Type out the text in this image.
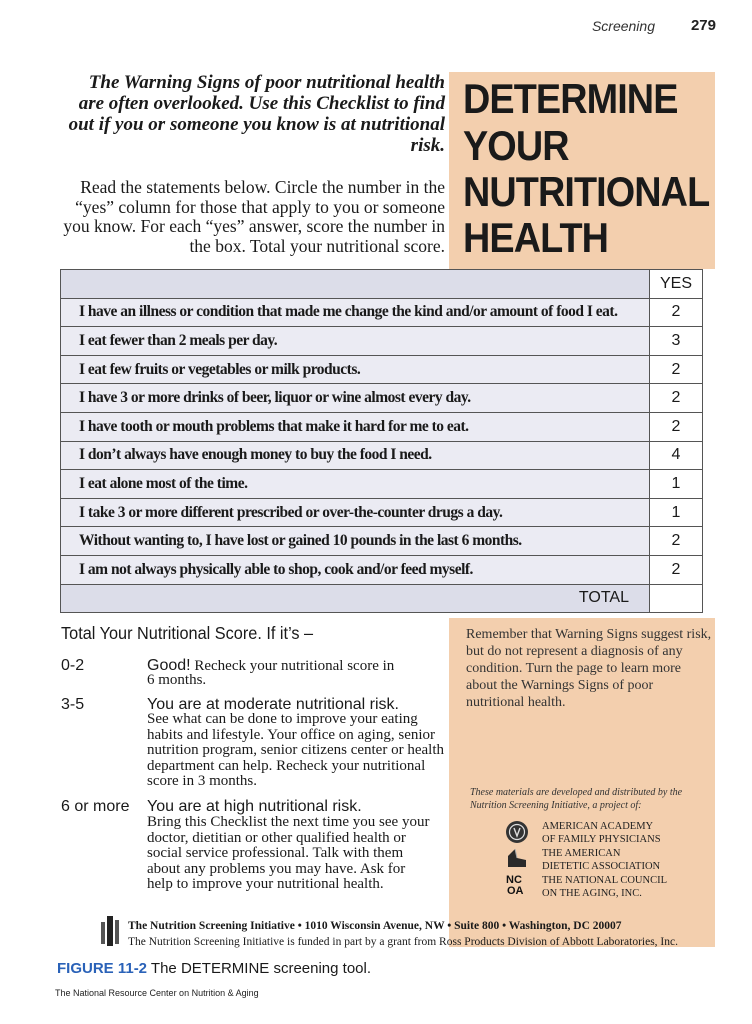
Screening	279
DETERMINE
YOUR
NUTRITIONAL
HEALTH
The Warning Signs of poor nutritional health are often overlooked. Use this Checklist to find out if you or someone you know is at nutritional risk.
Read the statements below. Circle the number in the “yes” column for those that apply to you or someone you know. For each “yes” answer, score the number in the box. Total your nutritional score.
	YES
I have an illness or condition that made me change the kind and/or amount of food I eat.	2
I eat fewer than 2 meals per day.	3
I eat few fruits or vegetables or milk products.	2
I have 3 or more drinks of beer, liquor or wine almost every day.	2
I have tooth or mouth problems that make it hard for me to eat.	2
I don’t always have enough money to buy the food I need.	4
I eat alone most of the time.	1
I take 3 or more different prescribed or over-the-counter drugs a day.	1
Without wanting to, I have lost or gained 10 pounds in the last 6 months.	2
I am not always physically able to shop, cook and/or feed myself.	2
TOTAL	
Total Your Nutritional Score. If it’s –
0-2	Good! Recheck your nutritional score in
6 months.
3-5	You are at moderate nutritional risk.
See what can be done to improve your eating habits and lifestyle. Your office on aging, senior nutrition program, senior citizens center or health department can help. Recheck your nutritional score in 3 months.
6 or more You are at high nutritional risk.
Bring this Checklist the next time you see your doctor, dietitian or other qualified health or social service professional. Talk with them about any problems you may have. Ask for help to improve your nutritional health.
Remember that Warning Signs suggest risk, but do not represent a diagnosis of any condition. Turn the page to learn more about the Warnings Signs of poor nutritional health.
These materials are developed and distributed by the Nutrition Screening Initiative, a project of:
AMERICAN ACADEMY
OF FAMILY PHYSICIANS
THE AMERICAN
DIETETIC ASSOCIATION
NC
OA
THE NATIONAL COUNCIL
ON THE AGING, INC.
The Nutrition Screening Initiative • 1010 Wisconsin Avenue, NW • Suite 800 • Washington, DC 20007
The Nutrition Screening Initiative is funded in part by a grant from Ross Products Division of Abbott Laboratories, Inc.
FIGURE 11-2 The DETERMINE screening tool.
The National Resource Center on Nutrition & Aging
